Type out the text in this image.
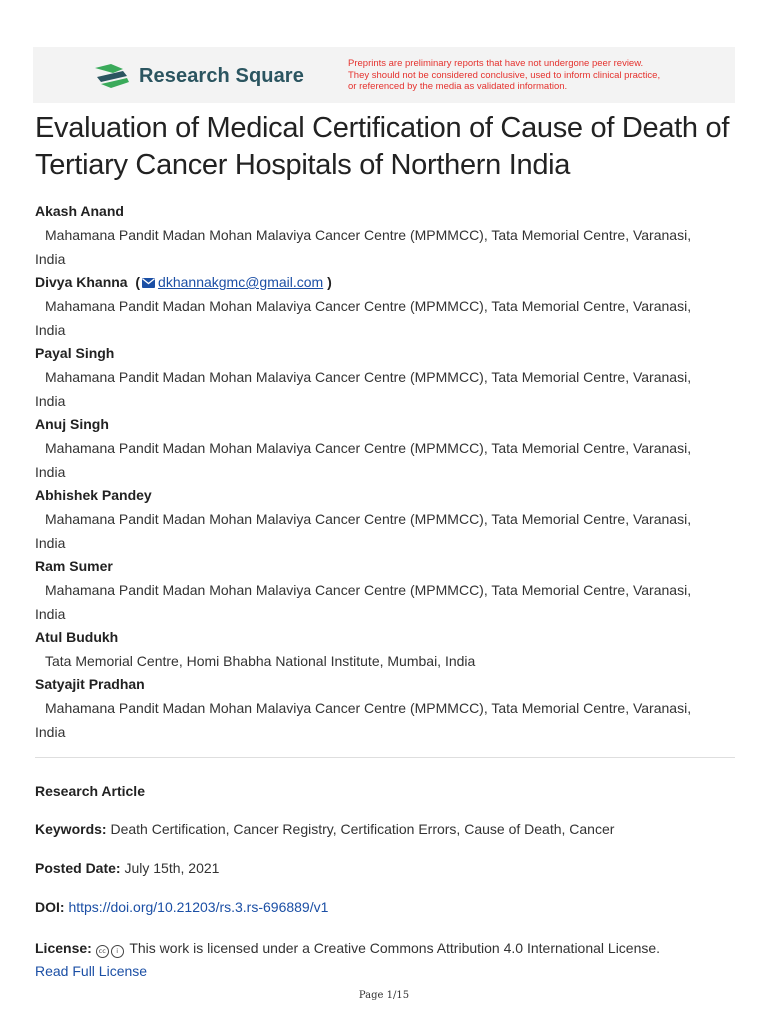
Research Square
Preprints are preliminary reports that have not undergone peer review.
They should not be considered conclusive, used to inform clinical practice,
or referenced by the media as validated information.
Evaluation of Medical Certification of Cause of Death of Tertiary Cancer Hospitals of Northern India
Akash Anand
Mahamana Pandit Madan Mohan Malaviya Cancer Centre (MPMMCC), Tata Memorial Centre, Varanasi,
India
Divya Khanna  ( dkhannakgmc@gmail.com )
Mahamana Pandit Madan Mohan Malaviya Cancer Centre (MPMMCC), Tata Memorial Centre, Varanasi,
India
Payal Singh
Mahamana Pandit Madan Mohan Malaviya Cancer Centre (MPMMCC), Tata Memorial Centre, Varanasi,
India
Anuj Singh
Mahamana Pandit Madan Mohan Malaviya Cancer Centre (MPMMCC), Tata Memorial Centre, Varanasi,
India
Abhishek Pandey
Mahamana Pandit Madan Mohan Malaviya Cancer Centre (MPMMCC), Tata Memorial Centre, Varanasi,
India
Ram Sumer
Mahamana Pandit Madan Mohan Malaviya Cancer Centre (MPMMCC), Tata Memorial Centre, Varanasi,
India
Atul Budukh
Tata Memorial Centre, Homi Bhabha National Institute, Mumbai, India
Satyajit Pradhan
Mahamana Pandit Madan Mohan Malaviya Cancer Centre (MPMMCC), Tata Memorial Centre, Varanasi,
India
Research Article
Keywords: Death Certification, Cancer Registry, Certification Errors, Cause of Death, Cancer
Posted Date: July 15th, 2021
DOI: https://doi.org/10.21203/rs.3.rs-696889/v1
License: cc i This work is licensed under a Creative Commons Attribution 4.0 International License.
Read Full License
Page 1/15
